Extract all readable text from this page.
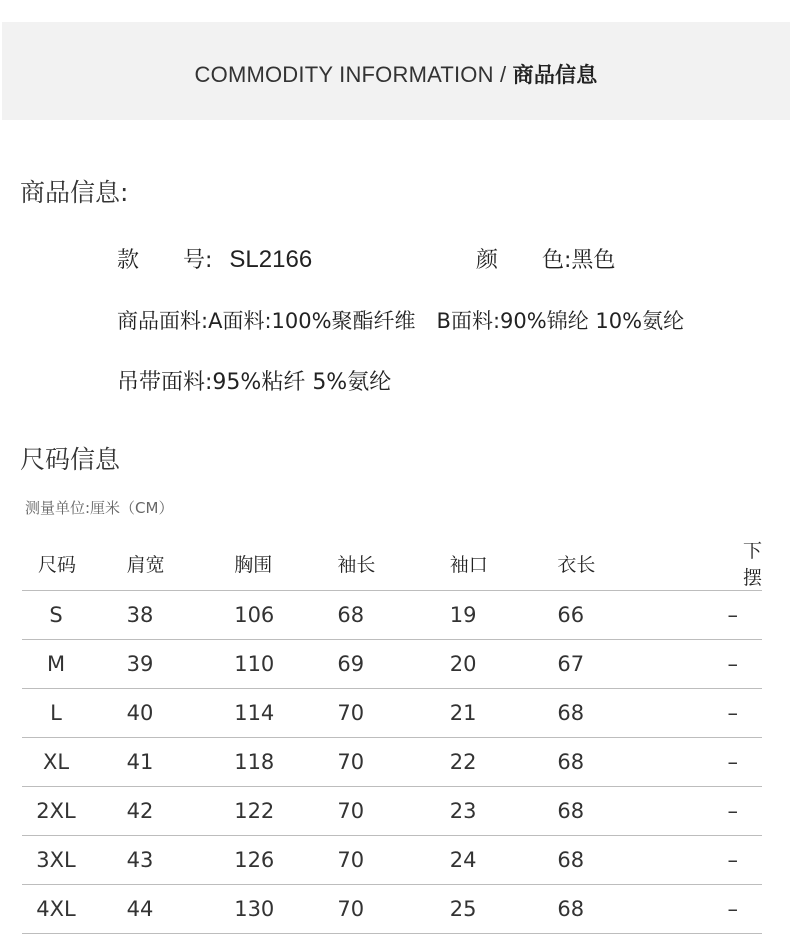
COMMODITY INFORMATION / 商品信息
商品信息:
款　　号: SL2166	颜　　色:黑色
商品面料:A面料:100%聚酯纤维　B面料:90%锦纶 10%氨纶
吊带面料:95%粘纤 5%氨纶
尺码信息
测量单位:厘米（CM）
尺码	肩宽	胸围	袖长	袖口	衣长	下摆
S	38	106	68	19	66	–
M	39	110	69	20	67	–
L	40	114	70	21	68	–
XL	41	118	70	22	68	–
2XL	42	122	70	23	68	–
3XL	43	126	70	24	68	–
4XL	44	130	70	25	68	–
